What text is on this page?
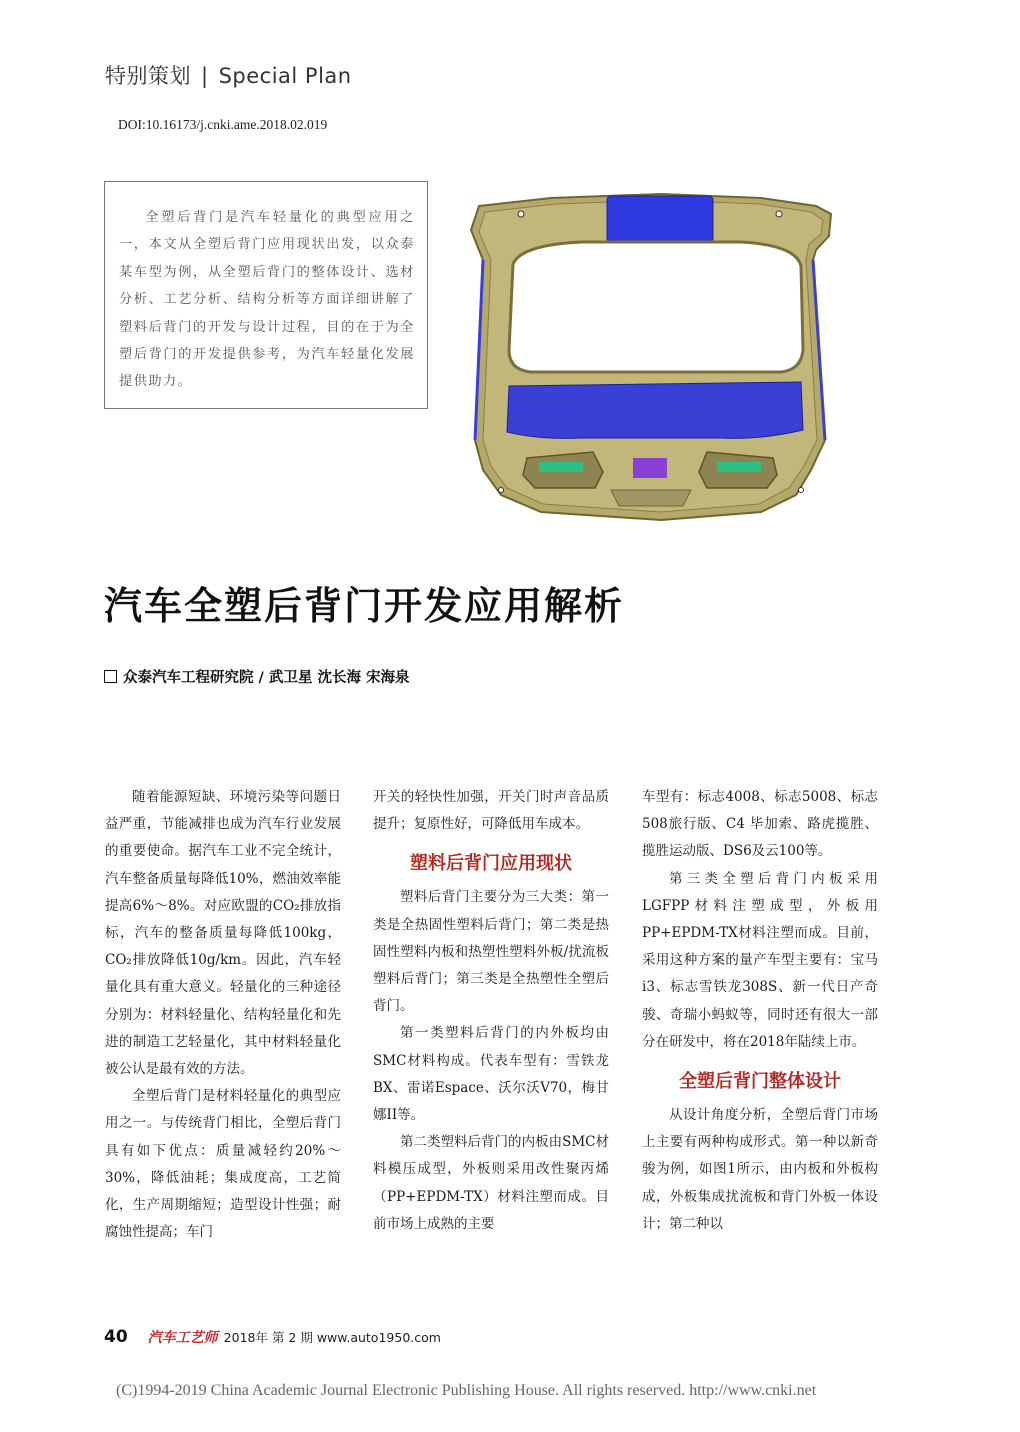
特别策划 | Special Plan
DOI:10.16173/j.cnki.ame.2018.02.019
全塑后背门是汽车轻量化的典型应用之一，本文从全塑后背门应用现状出发，以众泰某车型为例，从全塑后背门的整体设计、选材分析、工艺分析、结构分析等方面详细讲解了塑料后背门的开发与设计过程，目的在于为全塑后背门的开发提供参考，为汽车轻量化发展提供助力。
汽车全塑后背门开发应用解析
众泰汽车工程研究院 / 武卫星 沈长海 宋海泉

随着能源短缺、环境污染等问题日益严重，节能减排也成为汽车行业发展的重要使命。据汽车工业不完全统计，汽车整备质量每降低10%，燃油效率能提高6%～8%。对应欧盟的CO₂排放指标，汽车的整备质量每降低100kg，CO₂排放降低10g/km。因此，汽车轻量化具有重大意义。轻量化的三种途径分别为：材料轻量化、结构轻量化和先进的制造工艺轻量化，其中材料轻量化被公认是最有效的方法。

全塑后背门是材料轻量化的典型应用之一。与传统背门相比，全塑后背门具有如下优点：质量减轻约20%～30%，降低油耗；集成度高，工艺简化，生产周期缩短；造型设计性强；耐腐蚀性提高；车门

开关的轻快性加强，开关门时声音品质提升；复原性好，可降低用车成本。

塑料后背门应用现状

塑料后背门主要分为三大类：第一类是全热固性塑料后背门；第二类是热固性塑料内板和热塑性塑料外板/扰流板塑料后背门；第三类是全热塑性全塑后背门。

第一类塑料后背门的内外板均由SMC材料构成。代表车型有：雪铁龙BX、雷诺Espace、沃尔沃V70，梅甘娜II等。

第二类塑料后背门的内板由SMC材料模压成型，外板则采用改性聚丙烯（PP+EPDM-TX）材料注塑而成。目前市场上成熟的主要

车型有：标志4008、标志5008、标志508旅行版、C4 毕加索、路虎揽胜、揽胜运动版、DS6及云100等。

第三类全塑后背门内板采用LGFPP材料注塑成型，外板用PP+EPDM-TX材料注塑而成。目前，采用这种方案的量产车型主要有：宝马i3、标志雪铁龙308S、新一代日产奇骏、奇瑞小蚂蚁等，同时还有很大一部分在研发中，将在2018年陆续上市。

全塑后背门整体设计

从设计角度分析，全塑后背门市场上主要有两种构成形式。第一种以新奇骏为例，如图1所示，由内板和外板构成，外板集成扰流板和背门外板一体设计；第二种以

40 汽车工艺师 2018年 第 2 期 www.auto1950.com
(C)1994-2019 China Academic Journal Electronic Publishing House. All rights reserved. http://www.cnki.net
